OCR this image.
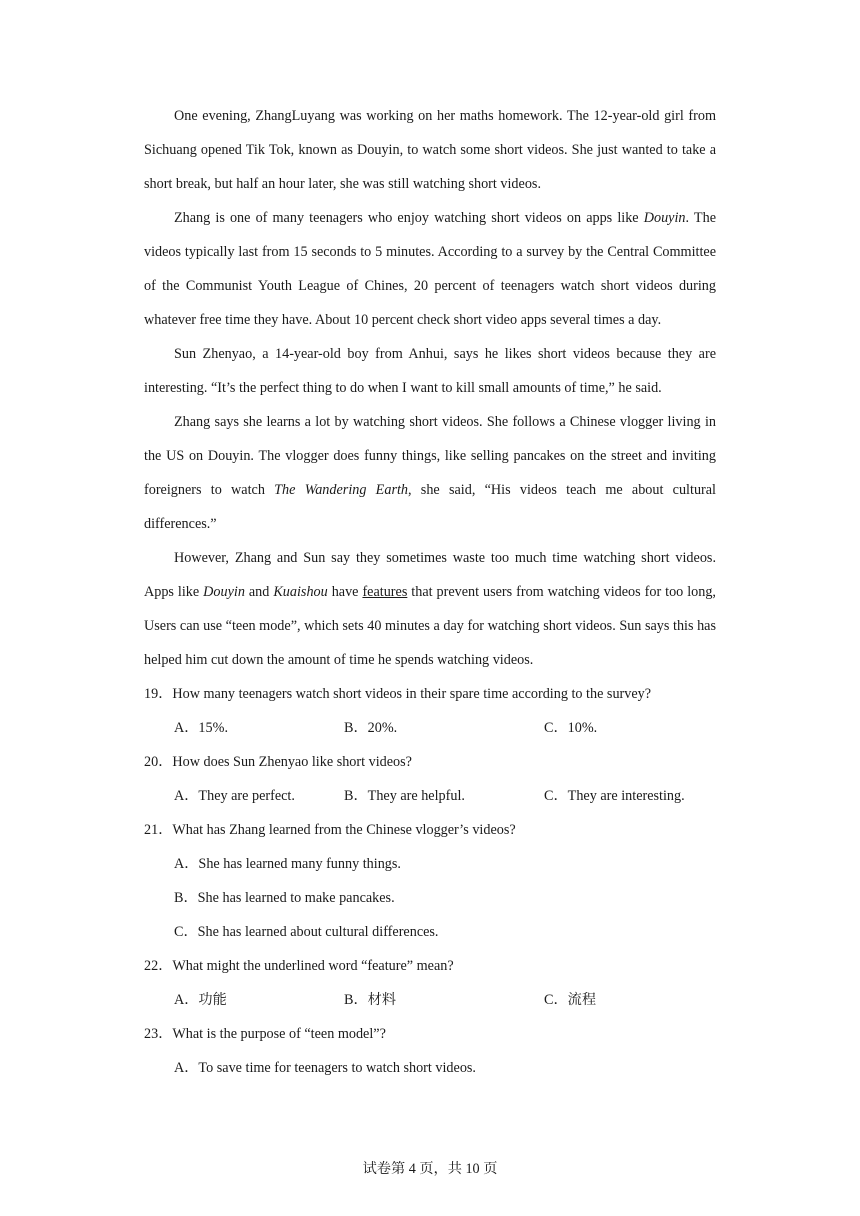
One evening, ZhangLuyang was working on her maths homework. The 12-year-old girl from Sichuang opened Tik Tok, known as Douyin, to watch some short videos. She just wanted to take a short break, but half an hour later, she was still watching short videos.

Zhang is one of many teenagers who enjoy watching short videos on apps like Douyin. The videos typically last from 15 seconds to 5 minutes. According to a survey by the Central Committee of the Communist Youth League of Chines, 20 percent of teenagers watch short videos during whatever free time they have. About 10 percent check short video apps several times a day.

Sun Zhenyao, a 14-year-old boy from Anhui, says he likes short videos because they are interesting. “It’s the perfect thing to do when I want to kill small amounts of time,” he said.

Zhang says she learns a lot by watching short videos. She follows a Chinese vlogger living in the US on Douyin. The vlogger does funny things, like selling pancakes on the street and inviting foreigners to watch The Wandering Earth, she said, “His videos teach me about cultural differences.”

However, Zhang and Sun say they sometimes waste too much time watching short videos. Apps like Douyin and Kuaishou have features that prevent users from watching videos for too long, Users can use “teen mode”, which sets 40 minutes a day for watching short videos. Sun says this has helped him cut down the amount of time he spends watching videos.

19．How many teenagers watch short videos in their spare time according to the survey?

A．15%.	B．20%.	C．10%.

20．How does Sun Zhenyao like short videos?

A．They are perfect.	B．They are helpful.	C．They are interesting.

21．What has Zhang learned from the Chinese vlogger’s videos?

A．She has learned many funny things.

B．She has learned to make pancakes.

C．She has learned about cultural differences.

22．What might the underlined word “feature” mean?

A．功能	B．材料	C．流程

23．What is the purpose of “teen model”?

A．To save time for teenagers to watch short videos.

试卷第 4 页，共 10 页
